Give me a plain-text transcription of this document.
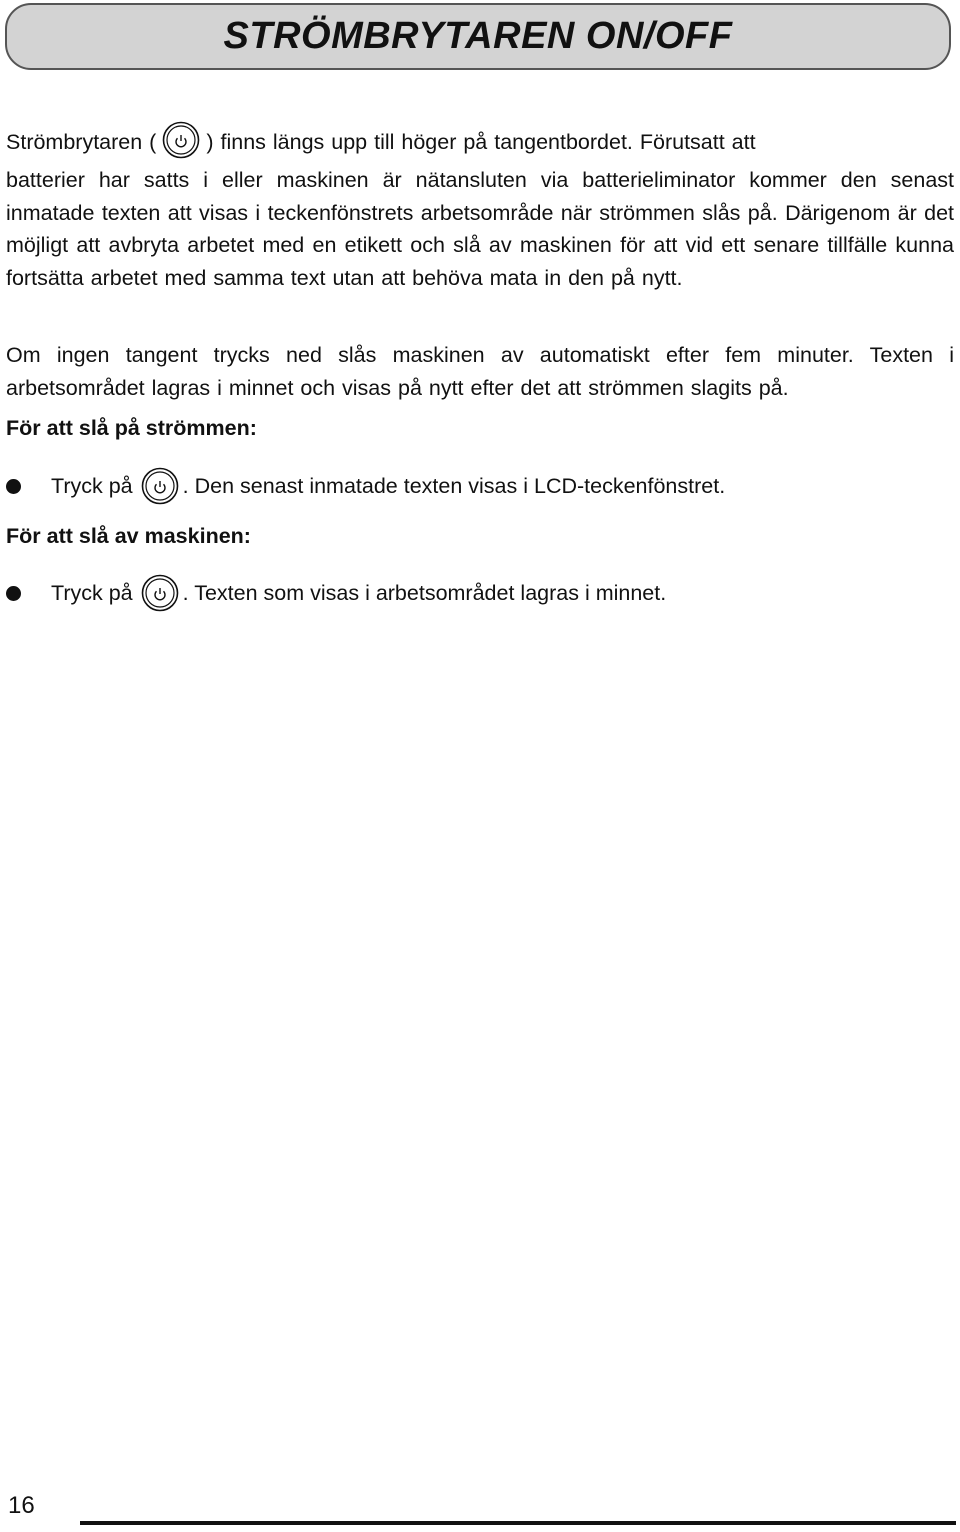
STRÖMBRYTAREN ON/OFF

Strömbrytaren ( ) finns längs upp till höger på tangentbordet. Förutsatt att
batterier har satts i eller maskinen är nätansluten via batterieliminator kommer den senast inmatade texten att visas i teckenfönstrets arbetsområde när strömmen slås på. Därigenom är det möjligt att avbryta arbetet med en etikett och slå av maskinen för att vid ett senare tillfälle kunna fortsätta arbetet med samma text utan att behöva mata in den på nytt.

Om ingen tangent trycks ned slås maskinen av automatiskt efter fem minuter. Texten i arbetsområdet lagras i minnet och visas på nytt efter det att strömmen slagits på.

För att slå på strömmen:
Tryck på . Den senast inmatade texten visas i LCD-teckenfönstret.
För att slå av maskinen:
Tryck på . Texten som visas i arbetsområdet lagras i minnet.
16
